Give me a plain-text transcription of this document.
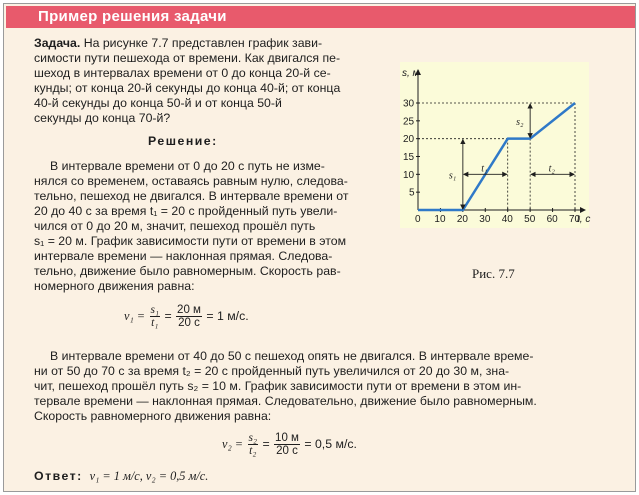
Пример решения задачи
Задача. На рисунке 7.7 представлен график зави-
симости пути пешехода от времени. Как двигался пе-
шеход в интервалах времени от 0 до конца 20-й се-
кунды; от конца 20-й секунды до конца 40-й; от конца
40-й секунды до конца 50-й и от конца 50-й
секунды до конца 70-й?
Решение:
В интервале времени от 0 до 20 с путь не изме-
нялся со временем, оставаясь равным нулю, следова-
тельно, пешеход не двигался. В интервале времени от
20 до 40 с за время t₁ = 20 с пройденный путь увели-
чился от 0 до 20 м, значит, пешеход прошёл путь
s₁ = 20 м. График зависимости пути от времени в этом
интервале времени — наклонная прямая. Следова-
тельно, движение было равномерным. Скорость рав-
номерного движения равна:
$v_1 = \frac{\text{s₁}}{\text{t₁}} = \frac{20 м}{20 с} = 1$ м/с.
В интервале времени от 40 до 50 с пешеход опять не двигался. В интервале време-
ни от 50 до 70 с за время t₂ = 20 с пройденный путь увеличился от 20 до 30 м, зна-
чит, пешеход прошёл путь s₂ = 10 м. График зависимости пути от времени в этом ин-
тервале времени — наклонная прямая. Следовательно, движение было равномерным.
Скорость равномерного движения равна:
$v_2 = \frac{\text{s₂}}{\text{t₂}} = \frac{10 м}{20 с} = 0,5$ м/с.
Ответ: v₁ = 1 м/с, v₂ = 0,5 м/с.
s, м
t, с
0 10 20 30 40 50 60 70
5
10
15
20
25
30
s₁
t₁
s₂
t₂
Рис. 7.7
